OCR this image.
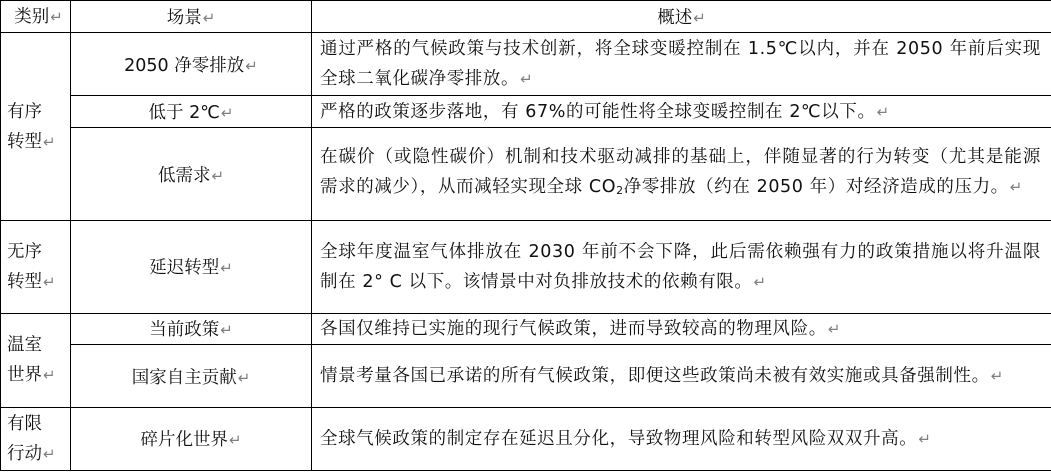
类别↵	场景↵	概述↵
有序
转型↵	2050 净零排放↵	通过严格的气候政策与技术创新，将全球变暖控制在 1.5℃以内，并在 2050 年前后实现全球二氧化碳净零排放。↵
	低于 2℃↵	严格的政策逐步落地，有 67%的可能性将全球变暖控制在 2℃以下。↵
	低需求↵	在碳价（或隐性碳价）机制和技术驱动减排的基础上，伴随显著的行为转变（尤其是能源需求的减少），从而减轻实现全球 $CO_2$净零排放（约在 2050 年）对经济造成的压力。↵
无序
转型↵	延迟转型↵	全球年度温室气体排放在 2030 年前不会下降，此后需依赖强有力的政策措施以将升温限制在 2° C 以下。该情景中对负排放技术的依赖有限。↵
温室
世界↵	当前政策↵	各国仅维持已实施的现行气候政策，进而导致较高的物理风险。↵
	国家自主贡献↵	情景考量各国已承诺的所有气候政策，即便这些政策尚未被有效实施或具备强制性。↵
有限
行动↵	碎片化世界↵	全球气候政策的制定存在延迟且分化，导致物理风险和转型风险双双升高。↵
